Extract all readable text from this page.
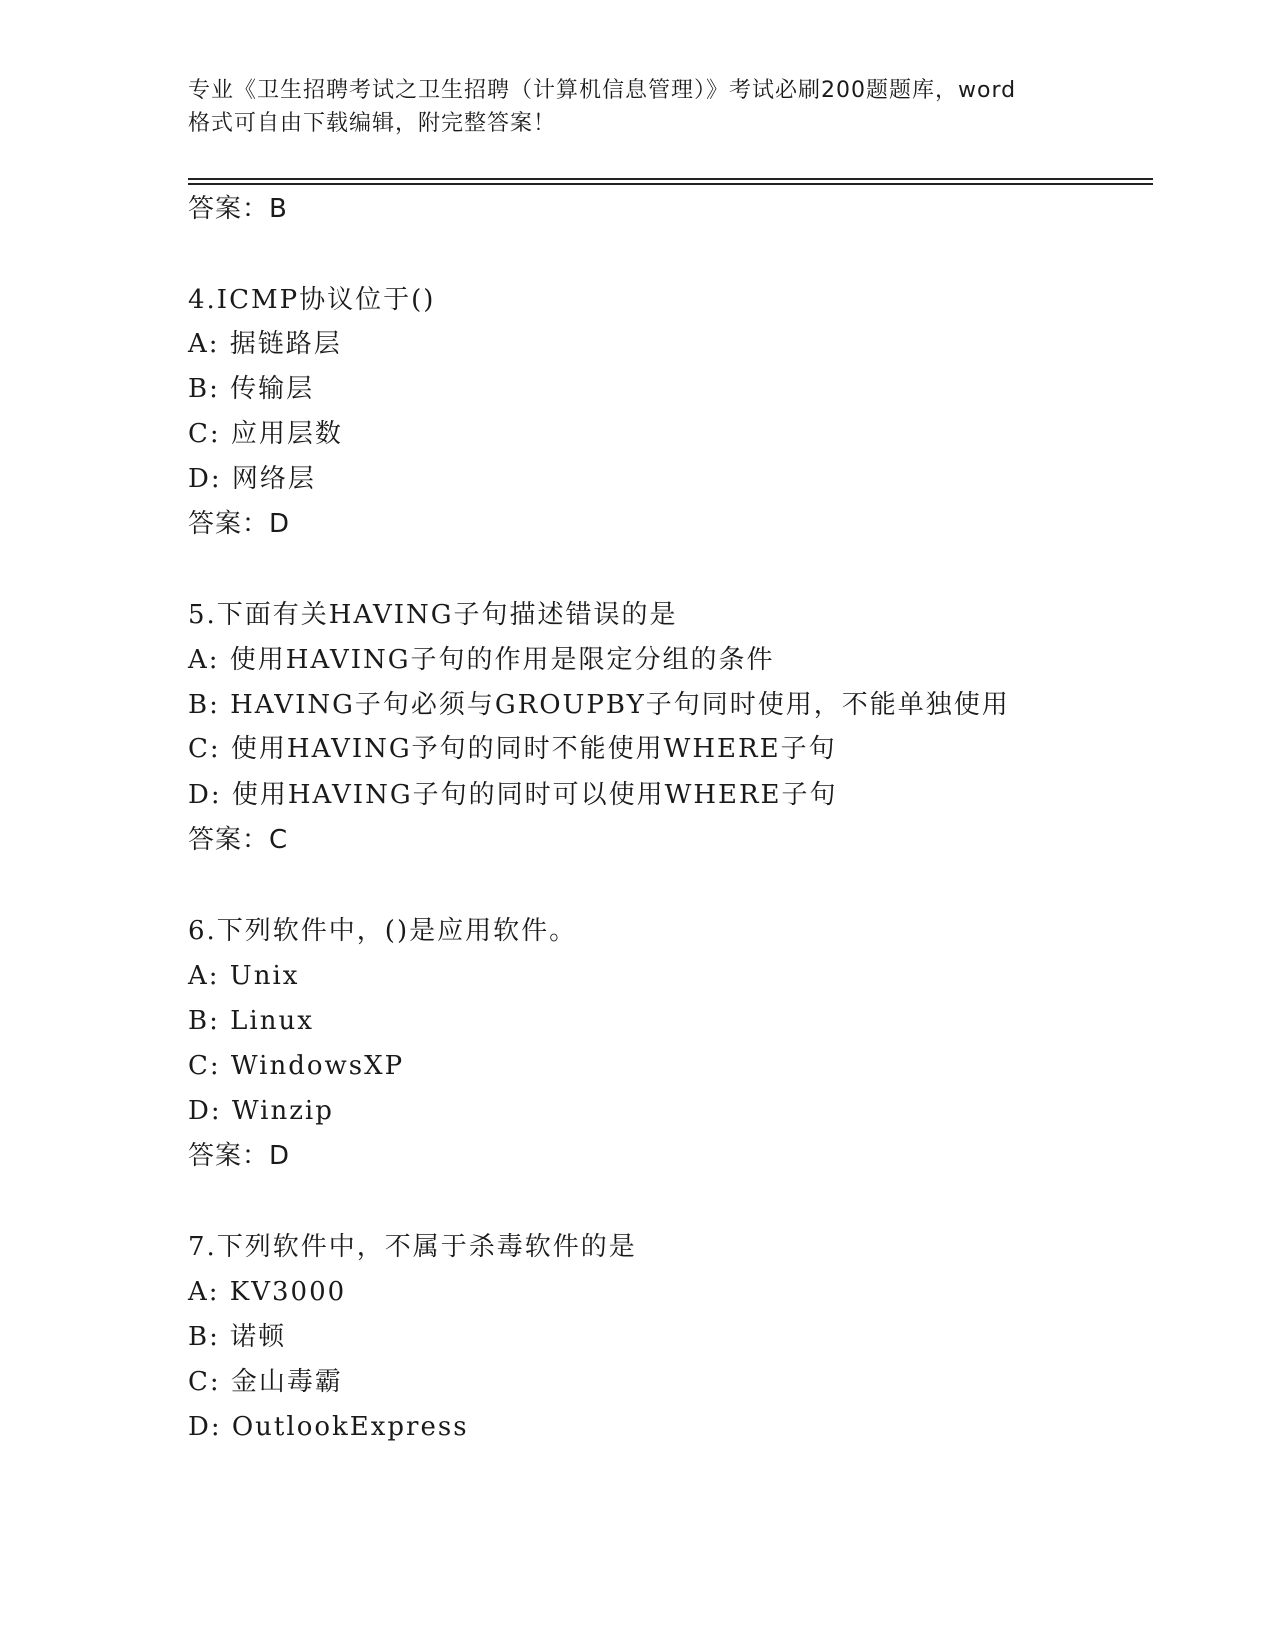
专业《卫生招聘考试之卫生招聘（计算机信息管理）》考试必刷200题题库，word
格式可自由下载编辑，附完整答案！
答案：B
4.ICMP协议位于()
A: 据链路层
B: 传输层
C: 应用层数
D: 网络层
答案：D
5.下面有关HAVING子句描述错误的是
A: 使用HAVING子句的作用是限定分组的条件
B: HAVING子句必须与GROUPBY子句同时使用，不能单独使用
C: 使用HAVING予句的同时不能使用WHERE子句
D: 使用HAVING子句的同时可以使用WHERE子句
答案：C
6.下列软件中，()是应用软件。
A: Unix
B: Linux
C: WindowsXP
D: Winzip
答案：D
7.下列软件中，不属于杀毒软件的是
A: KV3000
B: 诺顿
C: 金山毒霸
D: OutlookExpress
